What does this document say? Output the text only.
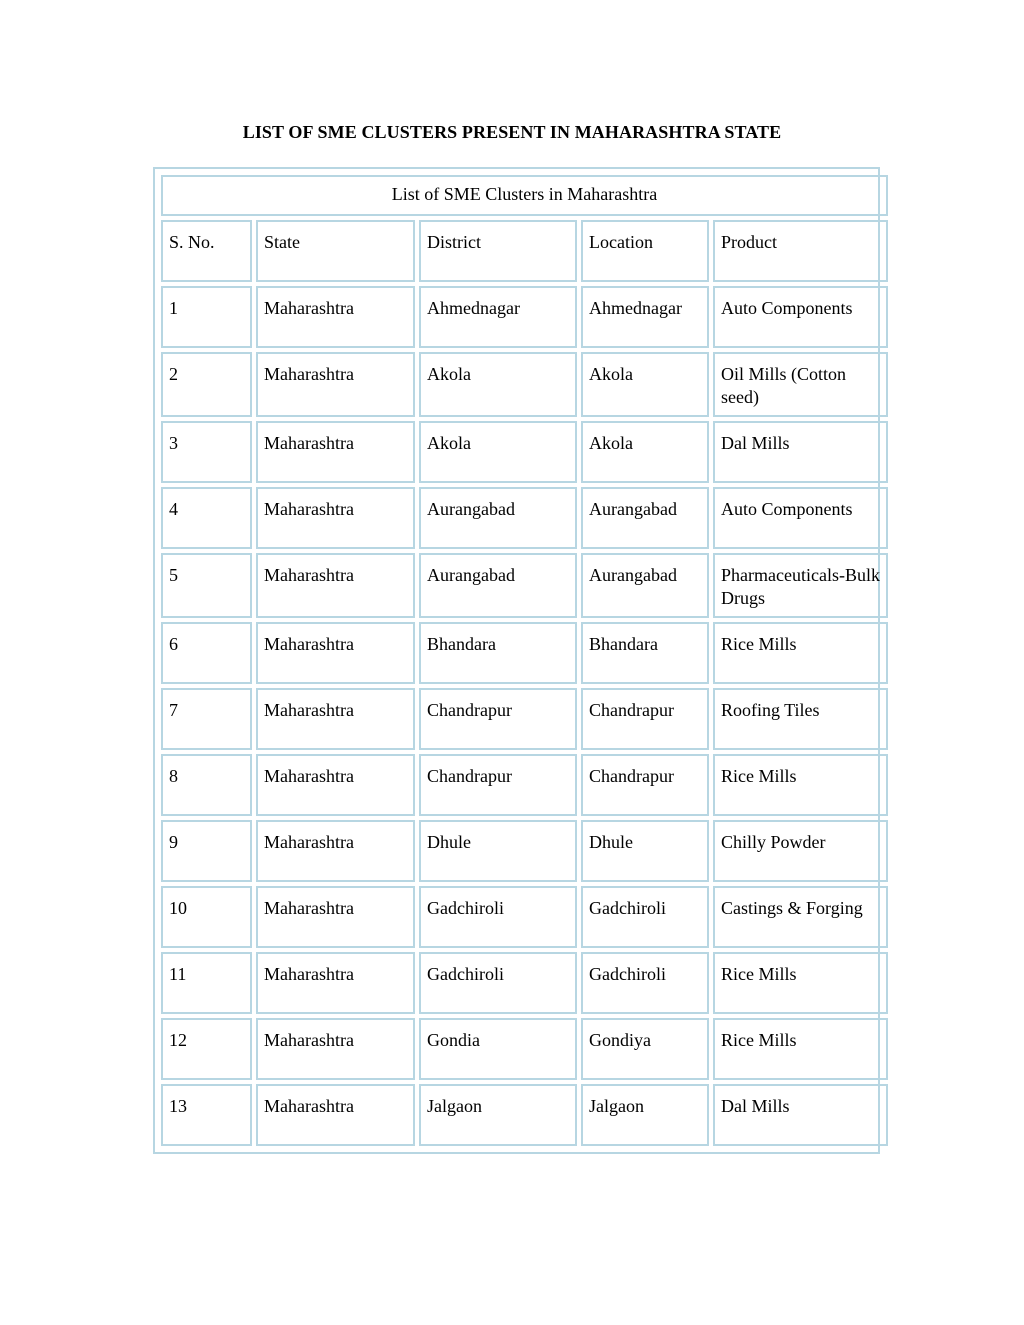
LIST OF SME CLUSTERS PRESENT IN MAHARASHTRA STATE
List of SME Clusters in Maharashtra				
S. No.	State	District	Location	Product
1	Maharashtra	Ahmednagar	Ahmednagar	Auto Components
2	Maharashtra	Akola	Akola	Oil Mills (Cotton seed)
3	Maharashtra	Akola	Akola	Dal Mills
4	Maharashtra	Aurangabad	Aurangabad	Auto Components
5	Maharashtra	Aurangabad	Aurangabad	Pharmaceuticals-Bulk Drugs
6	Maharashtra	Bhandara	Bhandara	Rice Mills
7	Maharashtra	Chandrapur	Chandrapur	Roofing Tiles
8	Maharashtra	Chandrapur	Chandrapur	Rice Mills
9	Maharashtra	Dhule	Dhule	Chilly Powder
10	Maharashtra	Gadchiroli	Gadchiroli	Castings & Forging
11	Maharashtra	Gadchiroli	Gadchiroli	Rice Mills
12	Maharashtra	Gondia	Gondiya	Rice Mills
13	Maharashtra	Jalgaon	Jalgaon	Dal Mills
